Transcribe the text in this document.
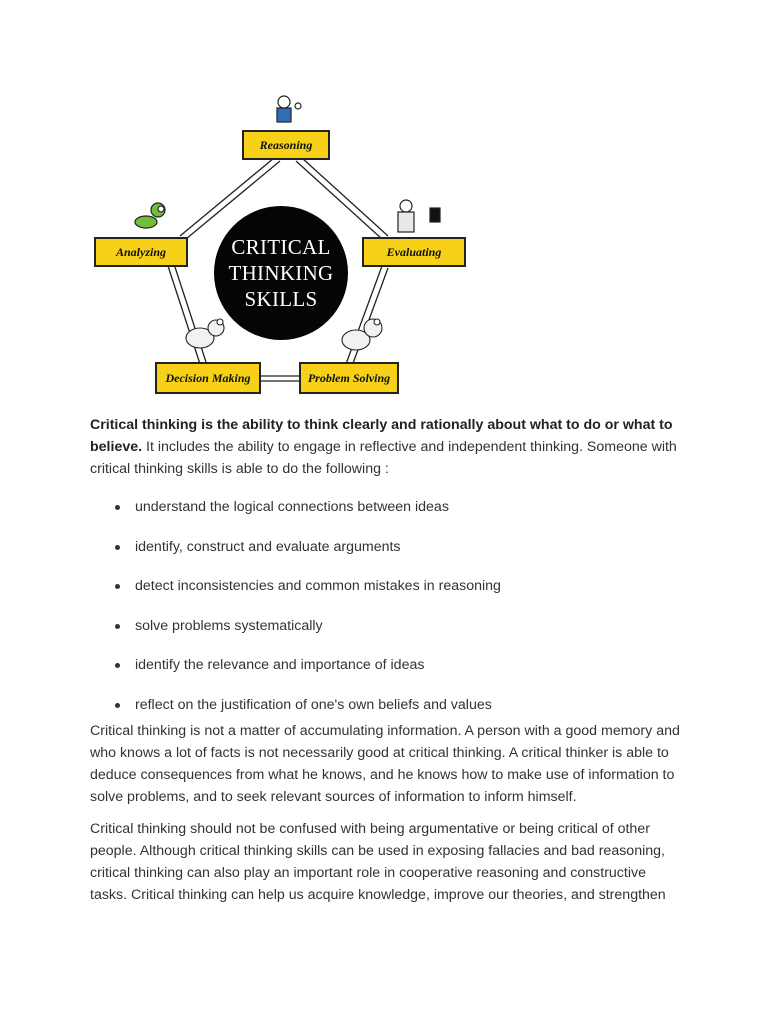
Reasoning
Evaluating
Problem Solving
Decision Making
Analyzing	CRITICAL
THINKING
SKILLS

Critical thinking is the ability to think clearly and rationally about what to do or what to believe. It includes the ability to engage in reflective and independent thinking. Someone with critical thinking skills is able to do the following :

understand the logical connections between ideas
identify, construct and evaluate arguments
detect inconsistencies and common mistakes in reasoning
solve problems systematically
identify the relevance and importance of ideas
reflect on the justification of one's own beliefs and values

Critical thinking is not a matter of accumulating information. A person with a good memory and who knows a lot of facts is not necessarily good at critical thinking. A critical thinker is able to deduce consequences from what he knows, and he knows how to make use of information to solve problems, and to seek relevant sources of information to inform himself.

Critical thinking should not be confused with being argumentative or being critical of other people. Although critical thinking skills can be used in exposing fallacies and bad reasoning, critical thinking can also play an important role in cooperative reasoning and constructive tasks. Critical thinking can help us acquire knowledge, improve our theories, and strengthen
